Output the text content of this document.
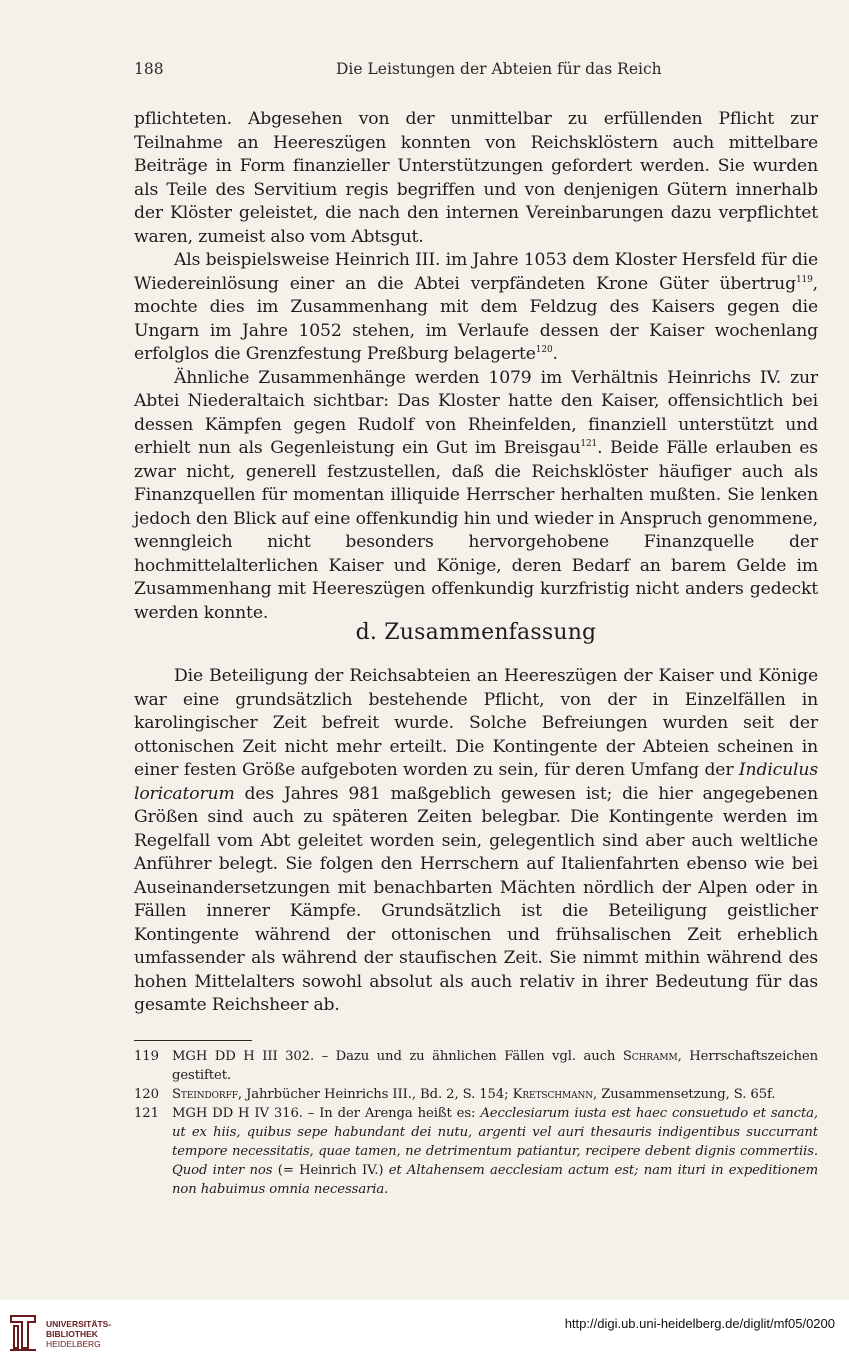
188	Die Leistungen der Abteien für das Reich

pflichteten. Abgesehen von der unmittelbar zu erfüllenden Pflicht zur Teilnahme an Heereszügen konnten von Reichsklöstern auch mittelbare Beiträge in Form finanzieller Unterstützungen gefordert werden. Sie wurden als Teile des Servitium regis begriffen und von denjenigen Gütern innerhalb der Klöster geleistet, die nach den internen Vereinbarungen dazu verpflichtet waren, zumeist also vom Abtsgut.

Als beispielsweise Heinrich III. im Jahre 1053 dem Kloster Hersfeld für die Wiedereinlösung einer an die Abtei verpfändeten Krone Güter übertrug$^{119}$, mochte dies im Zusammenhang mit dem Feldzug des Kaisers gegen die Ungarn im Jahre 1052 stehen, im Verlaufe dessen der Kaiser wochenlang erfolglos die Grenzfestung Preßburg belagerte$^{120}$.

Ähnliche Zusammenhänge werden 1079 im Verhältnis Heinrichs IV. zur Abtei Niederaltaich sichtbar: Das Kloster hatte den Kaiser, offensichtlich bei dessen Kämpfen gegen Rudolf von Rheinfelden, finanziell unterstützt und erhielt nun als Gegenleistung ein Gut im Breisgau$^{121}$. Beide Fälle erlauben es zwar nicht, generell festzustellen, daß die Reichsklöster häufiger auch als Finanzquellen für momentan illiquide Herrscher herhalten mußten. Sie lenken jedoch den Blick auf eine offenkundig hin und wieder in Anspruch genommene, wenngleich nicht besonders hervorgehobene Finanzquelle der hochmittelalterlichen Kaiser und Könige, deren Bedarf an barem Gelde im Zusammenhang mit Heereszügen offenkundig kurzfristig nicht anders gedeckt werden konnte.

d. Zusammenfassung

Die Beteiligung der Reichsabteien an Heereszügen der Kaiser und Könige war eine grundsätzlich bestehende Pflicht, von der in Einzelfällen in karolingischer Zeit befreit wurde. Solche Befreiungen wurden seit der ottonischen Zeit nicht mehr erteilt. Die Kontingente der Abteien scheinen in einer festen Größe aufgeboten worden zu sein, für deren Umfang der Indiculus loricatorum des Jahres 981 maßgeblich gewesen ist; die hier angegebenen Größen sind auch zu späteren Zeiten belegbar. Die Kontingente werden im Regelfall vom Abt geleitet worden sein, gelegentlich sind aber auch weltliche Anführer belegt. Sie folgen den Herrschern auf Italienfahrten ebenso wie bei Auseinandersetzungen mit benachbarten Mächten nördlich der Alpen oder in Fällen innerer Kämpfe. Grundsätzlich ist die Beteiligung geistlicher Kontingente während der ottonischen und frühsalischen Zeit erheblich umfassender als während der staufischen Zeit. Sie nimmt mithin während des hohen Mittelalters sowohl absolut als auch relativ in ihrer Bedeutung für das gesamte Reichsheer ab.

119 MGH DD H III 302. – Dazu und zu ähnlichen Fällen vgl. auch Schramm, Herrschaftszeichen gestiftet.
120 Steindorff, Jahrbücher Heinrichs III., Bd. 2, S. 154; Kretschmann, Zusammensetzung, S. 65f.
121 MGH DD H IV 316. – In der Arenga heißt es: Aecclesiarum iusta est haec consuetudo et sancta, ut ex hiis, quibus sepe habundant dei nutu, argenti vel auri thesauris indigentibus succurrant tempore necessitatis, quae tamen, ne detrimentum patiantur, recipere debent dignis commertiis. Quod inter nos (= Heinrich IV.) et Altahensem aecclesiam actum est; nam ituri in expeditionem non habuimus omnia necessaria.
UNIVERSITÄTS-
BIBLIOTHEK
HEIDELBERG
http://digi.ub.uni-heidelberg.de/diglit/mf05/0200
